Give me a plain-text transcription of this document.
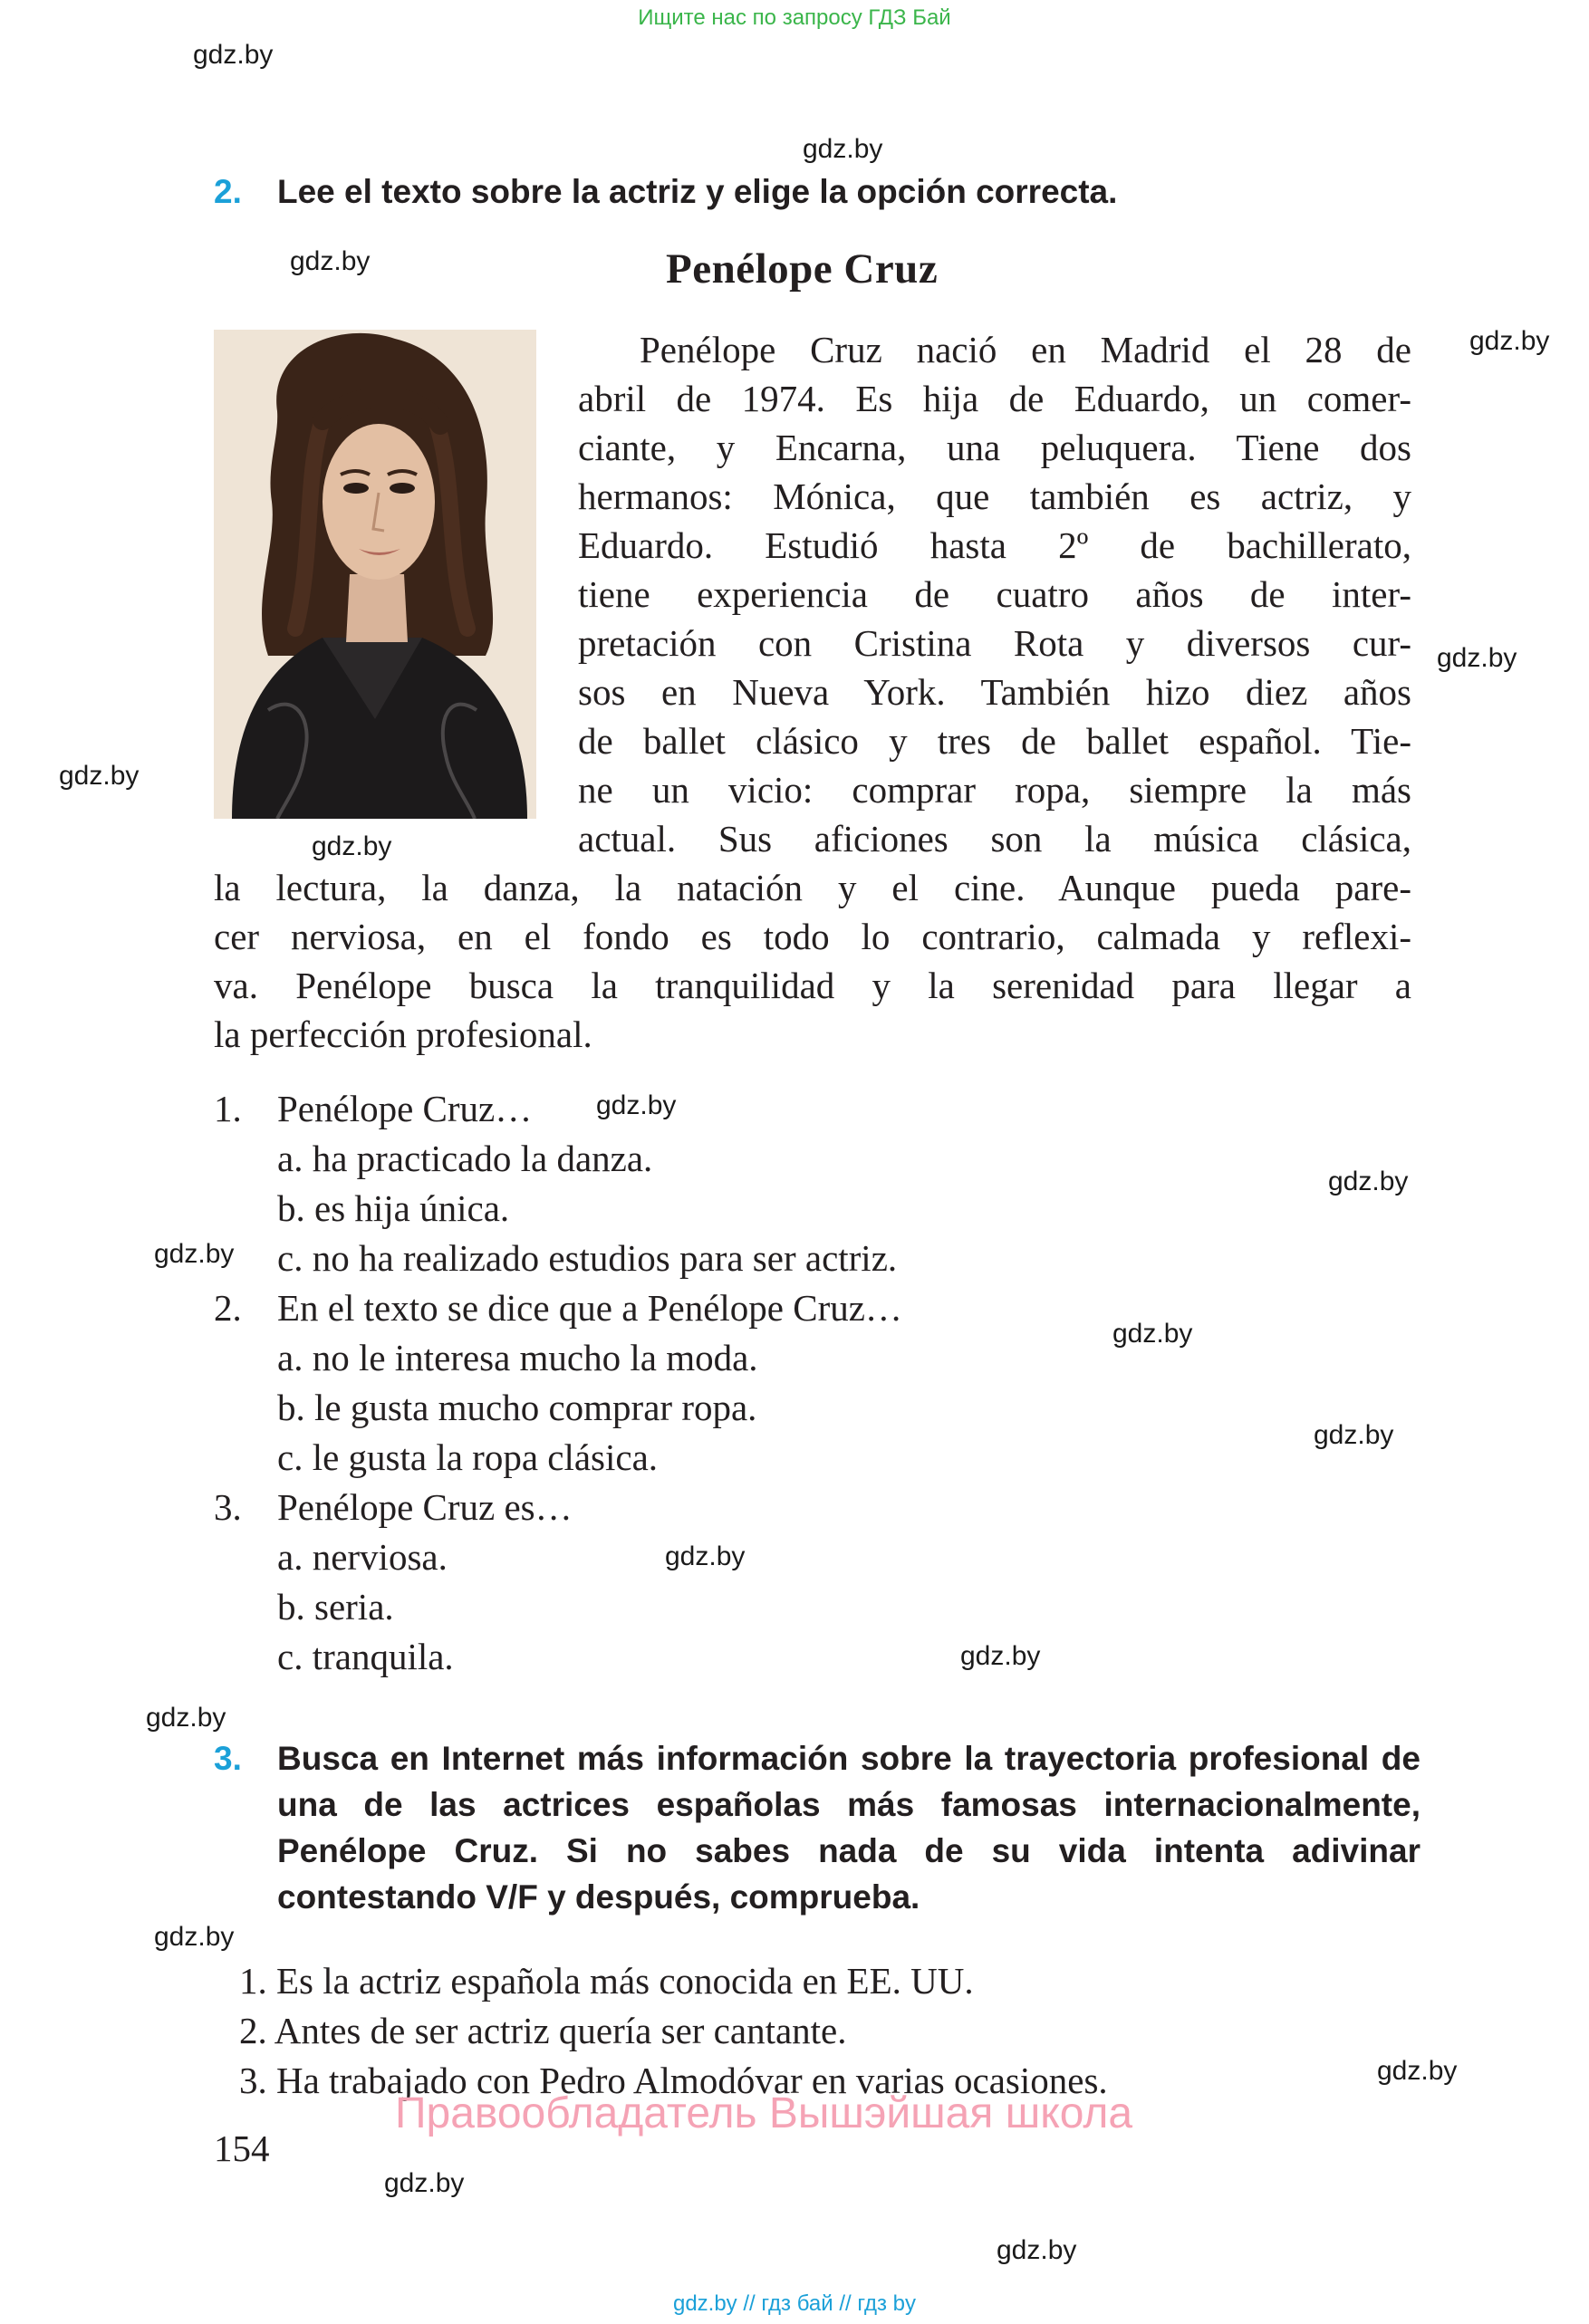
Ищите нас по запросу ГДЗ Бай
gdz.by
gdz.by
gdz.by
gdz.by
gdz.by
gdz.by
gdz.by
gdz.by
gdz.by
gdz.by
gdz.by
gdz.by
gdz.by
gdz.by
gdz.by
gdz.by
gdz.by
gdz.by
gdz.by
2. Lee el texto sobre la actriz y elige la opción correcta.
Penélope Cruz
Penélope Cruz nació en Madrid el 28 de
abril de 1974. Es hija de Eduardo, un comer-
ciante, y Encarna, una peluquera. Tiene dos
hermanos: Mónica, que también es actriz, y
Eduardo. Estudió hasta 2º de bachillerato,
tiene experiencia de cuatro años de inter-
pretación con Cristina Rota y diversos cur-
sos en Nueva York. También hizo diez años
de ballet clásico y tres de ballet español. Tie-
ne un vicio: comprar ropa, siempre la más
actual. Sus aficiones son la música clásica,
la lectura, la danza, la natación y el cine. Aunque pueda pare-
cer nerviosa, en el fondo es todo lo contrario, calmada y reflexi-
va. Penélope busca la tranquilidad y la serenidad para llegar a
la perfección profesional.
1. Penélope Cruz…
a. ha practicado la danza.
b. es hija única.
c. no ha realizado estudios para ser actriz.
2. En el texto se dice que a Penélope Cruz…
a. no le interesa mucho la moda.
b. le gusta mucho comprar ropa.
c. le gusta la ropa clásica.
3. Penélope Cruz es…
a. nerviosa.
b. seria.
c. tranquila.
3. Busca en Internet más información sobre la trayectoria profesional de una de las actrices españolas más famosas internacionalmente, Penélope Cruz. Si no sabes nada de su vida intenta adivinar contestando V/F y después, comprueba.
1. Es la actriz española más conocida en EE. UU.
2. Antes de ser actriz quería ser cantante.
3. Ha trabajado con Pedro Almodóvar en varias ocasiones.
Правообладатель Вышэйшая школа
154
gdz.by // гдз бай // гдз by
